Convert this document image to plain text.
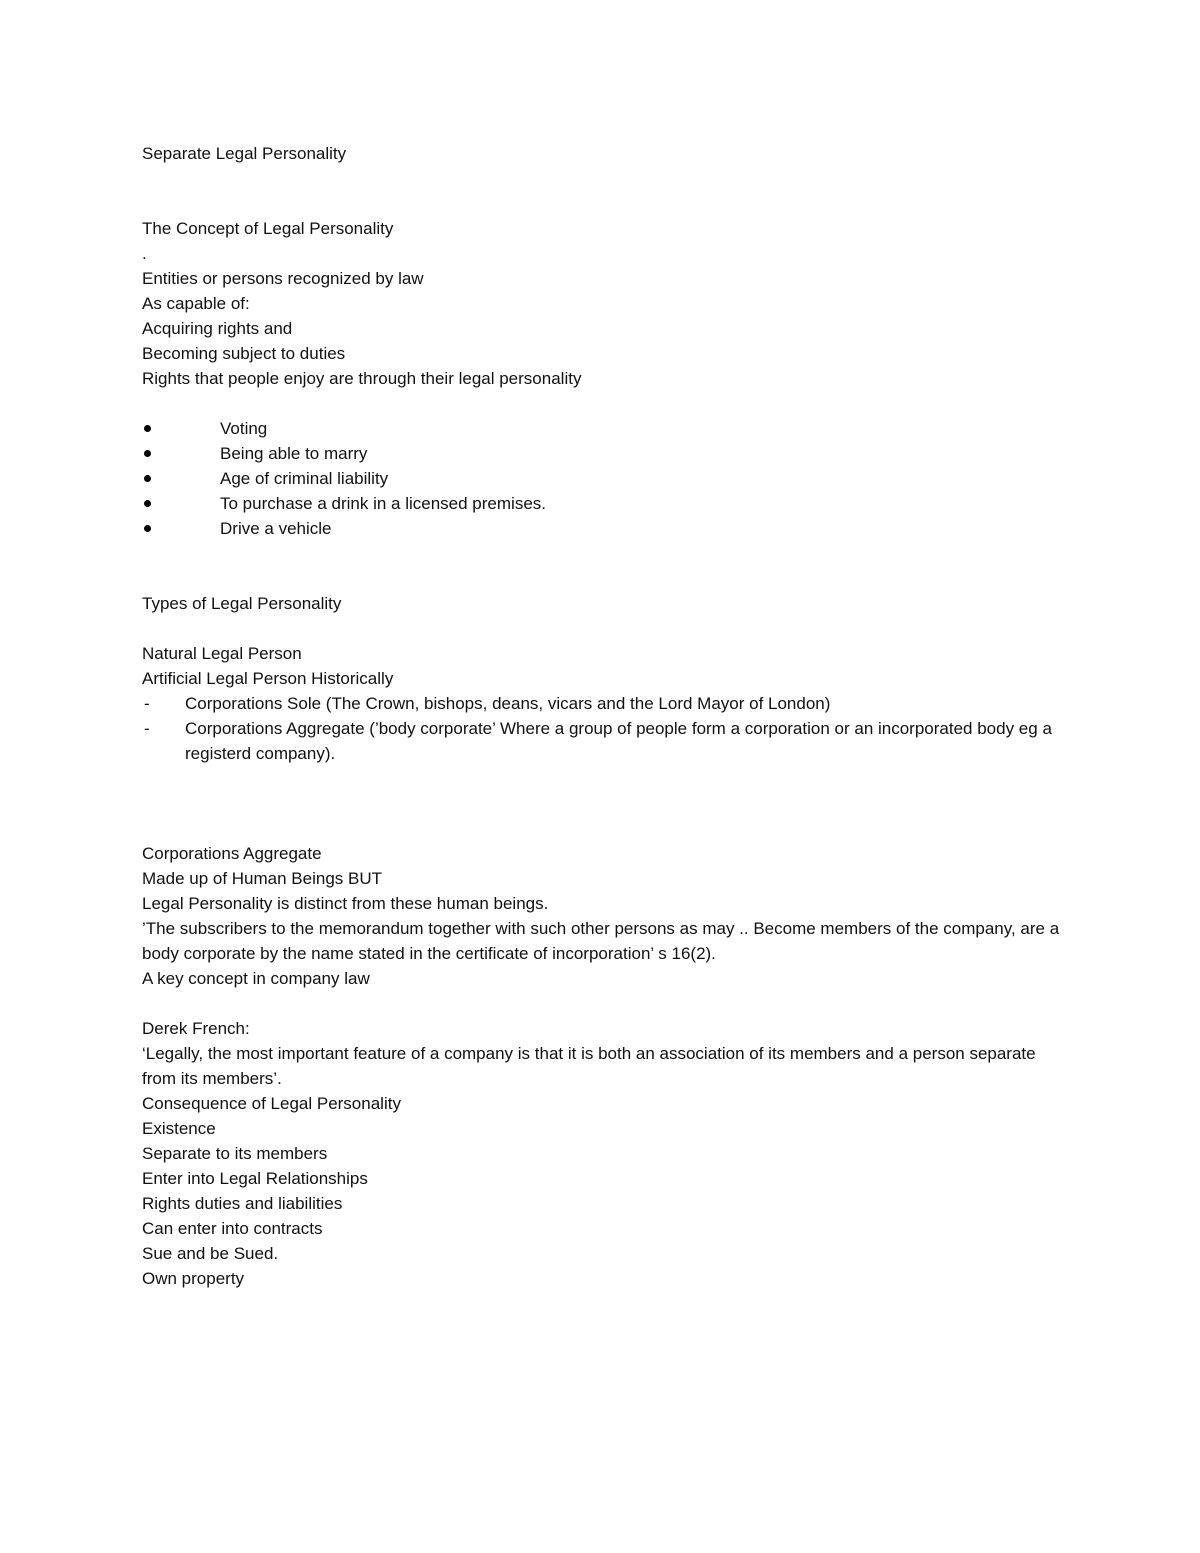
Separate Legal Personality
The Concept of Legal Personality
.
Entities or persons recognized by law
As capable of:
Acquiring rights and
Becoming subject to duties
Rights that people enjoy are through their legal personality
Voting
Being able to marry
Age of criminal liability
To purchase a drink in a licensed premises.
Drive a vehicle
Types of Legal Personality
Natural Legal Person
Artificial Legal Person Historically
- Corporations Sole (The Crown, bishops, deans, vicars and the Lord Mayor of London)
- Corporations Aggregate (’body corporate’ Where a group of people form a corporation or an incorporated body eg a registerd company).
Corporations Aggregate
Made up of Human Beings BUT
Legal Personality is distinct from these human beings.
’The subscribers to the memorandum together with such other persons as may .. Become members of the company, are a body corporate by the name stated in the certificate of incorporation’ s 16(2).
A key concept in company law
Derek French:
‘Legally, the most important feature of a company is that it is both an association of its members and a person separate from its members’.
Consequence of Legal Personality
Existence
Separate to its members
Enter into Legal Relationships
Rights duties and liabilities
Can enter into contracts
Sue and be Sued.
Own property
